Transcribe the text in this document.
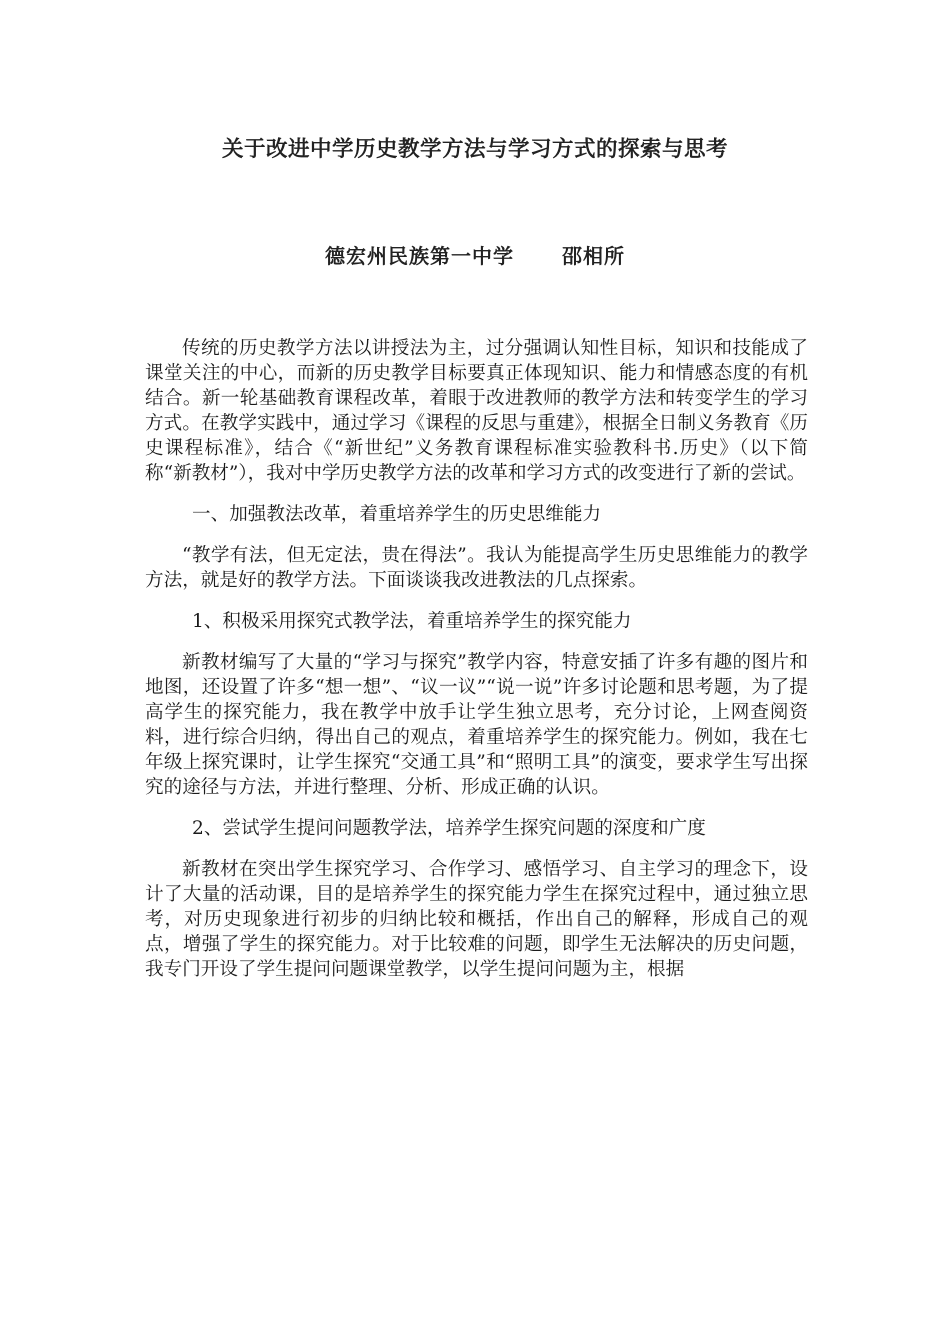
关于改进中学历史教学方法与学习方式的探索与思考
德宏州民族第一中学 邵相所

传统的历史教学方法以讲授法为主，过分强调认知性目标，知识和技能成了课堂关注的中心，而新的历史教学目标要真正体现知识、能力和情感态度的有机结合。新一轮基础教育课程改革，着眼于改进教师的教学方法和转变学生的学习方式。在教学实践中，通过学习《课程的反思与重建》，根据全日制义务教育《历史课程标准》，结合《“新世纪”义务教育课程标准实验教科书.历史》（以下简称“新教材”），我对中学历史教学方法的改革和学习方式的改变进行了新的尝试。

一、加强教法改革，着重培养学生的历史思维能力

“教学有法，但无定法，贵在得法”。我认为能提高学生历史思维能力的教学方法，就是好的教学方法。下面谈谈我改进教法的几点探索。

1、积极采用探究式教学法，着重培养学生的探究能力

新教材编写了大量的“学习与探究”教学内容，特意安插了许多有趣的图片和地图，还设置了许多“想一想”、“议一议”“说一说”许多讨论题和思考题，为了提高学生的探究能力，我在教学中放手让学生独立思考，充分讨论，上网查阅资料，进行综合归纳，得出自己的观点，着重培养学生的探究能力。例如，我在七年级上探究课时，让学生探究“交通工具”和“照明工具”的演变，要求学生写出探究的途径与方法，并进行整理、分析、形成正确的认识。

2、尝试学生提问问题教学法，培养学生探究问题的深度和广度

新教材在突出学生探究学习、合作学习、感悟学习、自主学习的理念下，设计了大量的活动课，目的是培养学生的探究能力学生在探究过程中，通过独立思考，对历史现象进行初步的归纳比较和概括，作出自己的解释，形成自己的观点，增强了学生的探究能力。对于比较难的问题，即学生无法解决的历史问题，我专门开设了学生提问问题课堂教学，以学生提问问题为主，根据
